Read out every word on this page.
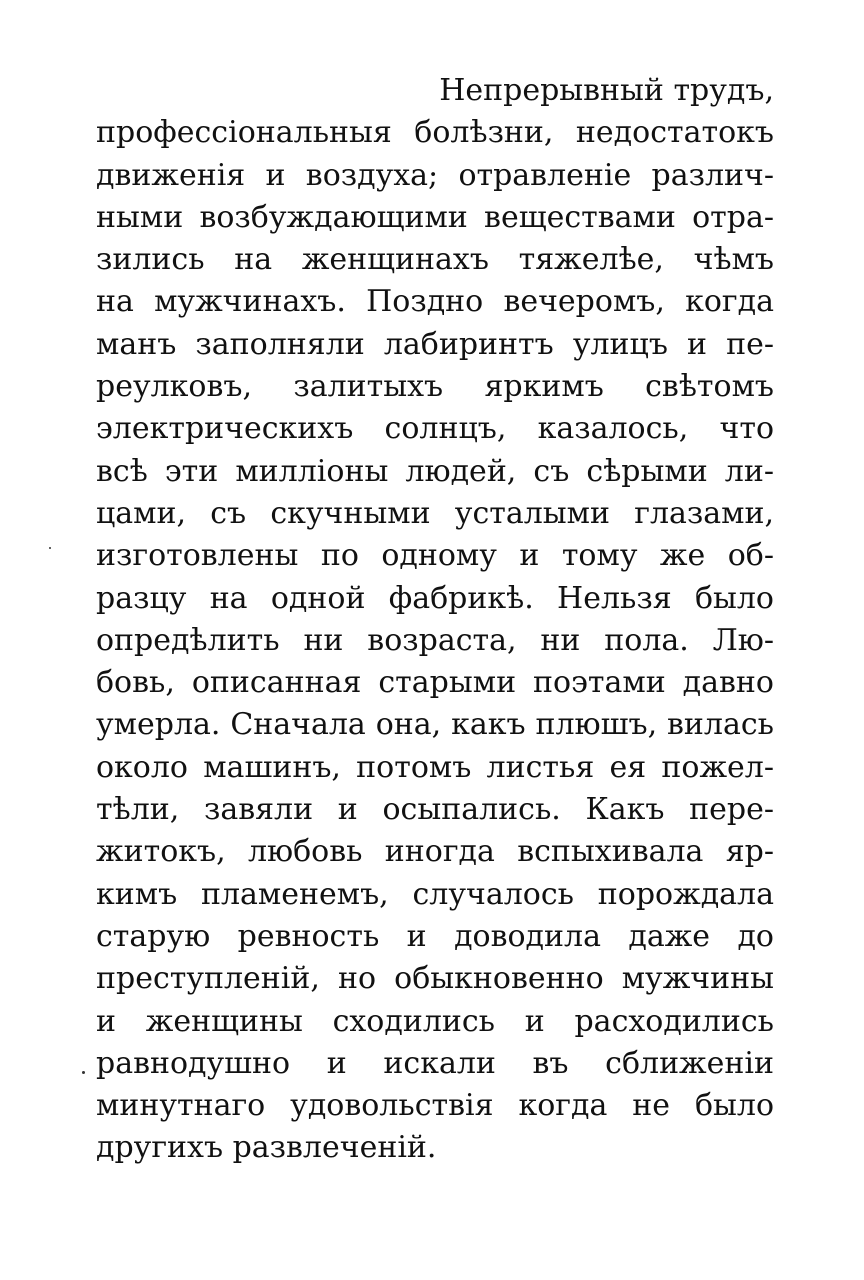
Непрерывный трудъ,
профессіональныя болѣзни, недостатокъ
движенія и воздуха; отравленіе различ-
ными возбуждающими веществами отра-
зились на женщинахъ тяжелѣе, чѣмъ
на мужчинахъ. Поздно вечеромъ, когда
манъ заполняли лабиринтъ улицъ и пе-
реулковъ, залитыхъ яркимъ свѣтомъ
электрическихъ солнцъ, казалось, что
всѣ эти милліоны людей, съ сѣрыми ли-
цами, съ скучными усталыми глазами,
изготовлены по одному и тому же об-
разцу на одной фабрикѣ. Нельзя было
опредѣлить ни возраста, ни пола. Лю-
бовь, описанная старыми поэтами давно
умерла. Сначала она, какъ плюшъ, вилась
около машинъ, потомъ листья ея пожел-
тѣли, завяли и осыпались. Какъ пере-
житокъ, любовь иногда вспыхивала яр-
кимъ пламенемъ, случалось порождала
старую ревность и доводила даже до
преступленій, но обыкновенно мужчины
и женщины сходились и расходились
равнодушно и искали въ сближеніи
минутнаго удовольствія когда не было
другихъ развлеченій.
